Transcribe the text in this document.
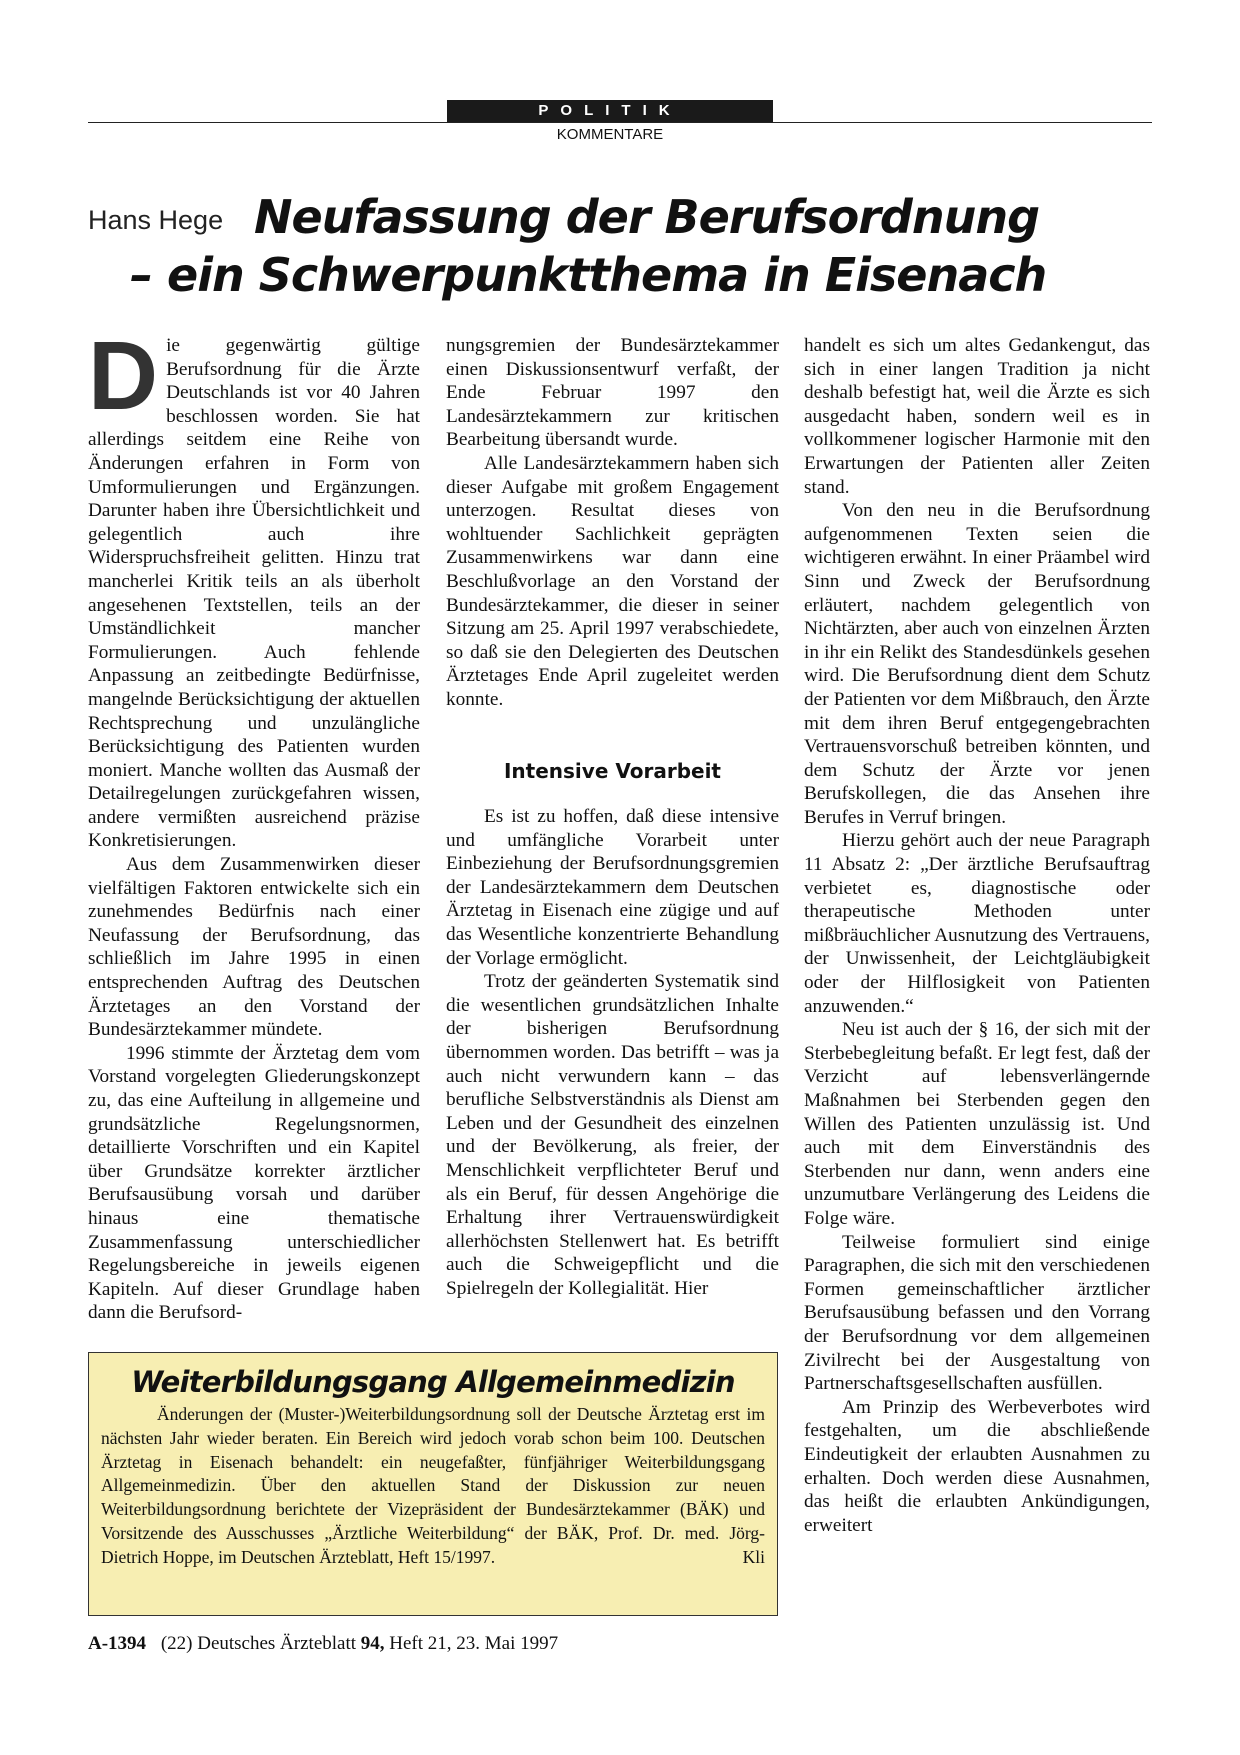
POLITIK
KOMMENTARE
Hans Hege Neufassung der Berufsordnung
– ein Schwerpunktthema in Eisenach
D ie gegenwärtig gültige Berufsordnung für die Ärzte Deutschlands ist vor 40 Jahren beschlossen worden. Sie hat allerdings seitdem eine Reihe von Änderungen erfahren in Form von Umformulierungen und Ergänzungen. Darunter haben ihre Übersichtlichkeit und gelegentlich auch ihre Widerspruchsfreiheit gelitten. Hinzu trat mancherlei Kritik teils an als überholt angesehenen Textstellen, teils an der Umständlichkeit mancher Formulierungen. Auch fehlende Anpassung an zeitbedingte Bedürfnisse, mangelnde Berücksichtigung der aktuellen Rechtsprechung und unzulängliche Berücksichtigung des Patienten wurden moniert. Manche wollten das Ausmaß der Detailregelungen zurückgefahren wissen, andere vermißten ausreichend präzise Konkretisierungen.

Aus dem Zusammenwirken dieser vielfältigen Faktoren entwickelte sich ein zunehmendes Bedürfnis nach einer Neufassung der Berufsordnung, das schließlich im Jahre 1995 in einen entsprechenden Auftrag des Deutschen Ärztetages an den Vorstand der Bundesärztekammer mündete.

1996 stimmte der Ärztetag dem vom Vorstand vorgelegten Gliederungskonzept zu, das eine Aufteilung in allgemeine und grundsätzliche Regelungsnormen, detaillierte Vorschriften und ein Kapitel über Grundsätze korrekter ärztlicher Berufsausübung vorsah und darüber hinaus eine thematische Zusammenfassung unterschiedlicher Regelungsbereiche in jeweils eigenen Kapiteln. Auf dieser Grundlage haben dann die Berufsord-

nungsgremien der Bundesärztekammer einen Diskussionsentwurf verfaßt, der Ende Februar 1997 den Landesärztekammern zur kritischen Bearbeitung übersandt wurde.

Alle Landesärztekammern haben sich dieser Aufgabe mit großem Engagement unterzogen. Resultat dieses von wohltuender Sachlichkeit geprägten Zusammenwirkens war dann eine Beschlußvorlage an den Vorstand der Bundesärztekammer, die dieser in seiner Sitzung am 25. April 1997 verabschiedete, so daß sie den Delegierten des Deutschen Ärztetages Ende April zugeleitet werden konnte.

Intensive Vorarbeit

Es ist zu hoffen, daß diese intensive und umfängliche Vorarbeit unter Einbeziehung der Berufsordnungsgremien der Landesärztekammern dem Deutschen Ärztetag in Eisenach eine zügige und auf das Wesentliche konzentrierte Behandlung der Vorlage ermöglicht.

Trotz der geänderten Systematik sind die wesentlichen grundsätzlichen Inhalte der bisherigen Berufsordnung übernommen worden. Das betrifft – was ja auch nicht verwundern kann – das berufliche Selbstverständnis als Dienst am Leben und der Gesundheit des einzelnen und der Bevölkerung, als freier, der Menschlichkeit verpflichteter Beruf und als ein Beruf, für dessen Angehörige die Erhaltung ihrer Vertrauenswürdigkeit allerhöchsten Stellenwert hat. Es betrifft auch die Schweigepflicht und die Spielregeln der Kollegialität. Hier

handelt es sich um altes Gedankengut, das sich in einer langen Tradition ja nicht deshalb befestigt hat, weil die Ärzte es sich ausgedacht haben, sondern weil es in vollkommener logischer Harmonie mit den Erwartungen der Patienten aller Zeiten stand.

Von den neu in die Berufsordnung aufgenommenen Texten seien die wichtigeren erwähnt. In einer Präambel wird Sinn und Zweck der Berufsordnung erläutert, nachdem gelegentlich von Nichtärzten, aber auch von einzelnen Ärzten in ihr ein Relikt des Standesdünkels gesehen wird. Die Berufsordnung dient dem Schutz der Patienten vor dem Mißbrauch, den Ärzte mit dem ihren Beruf entgegengebrachten Vertrauensvorschuß betreiben könnten, und dem Schutz der Ärzte vor jenen Berufskollegen, die das Ansehen ihre Berufes in Verruf bringen.

Hierzu gehört auch der neue Paragraph 11 Absatz 2: „Der ärztliche Berufsauftrag verbietet es, diagnostische oder therapeutische Methoden unter mißbräuchlicher Ausnutzung des Vertrauens, der Unwissenheit, der Leichtgläubigkeit oder der Hilflosigkeit von Patienten anzuwenden.“

Neu ist auch der § 16, der sich mit der Sterbebegleitung befaßt. Er legt fest, daß der Verzicht auf lebensverlängernde Maßnahmen bei Sterbenden gegen den Willen des Patienten unzulässig ist. Und auch mit dem Einverständnis des Sterbenden nur dann, wenn anders eine unzumutbare Verlängerung des Leidens die Folge wäre.

Teilweise formuliert sind einige Paragraphen, die sich mit den verschiedenen Formen gemeinschaftlicher ärztlicher Berufsausübung befassen und den Vorrang der Berufsordnung vor dem allgemeinen Zivilrecht bei der Ausgestaltung von Partnerschaftsgesellschaften ausfüllen.

Am Prinzip des Werbeverbotes wird festgehalten, um die abschließende Eindeutigkeit der erlaubten Ausnahmen zu erhalten. Doch werden diese Ausnahmen, das heißt die erlaubten Ankündigungen, erweitert

Weiterbildungsgang Allgemeinmedizin

Änderungen der (Muster-)Weiterbildungsordnung soll der Deutsche Ärztetag erst im nächsten Jahr wieder beraten. Ein Bereich wird jedoch vorab schon beim 100. Deutschen Ärztetag in Eisenach behandelt: ein neugefaßter, fünfjähriger Weiterbildungsgang Allgemeinmedizin. Über den aktuellen Stand der Diskussion zur neuen Weiterbildungsordnung berichtete der Vizepräsident der Bundesärztekammer (BÄK) und Vorsitzende des Ausschusses „Ärztliche Weiterbildung“ der BÄK, Prof. Dr. med. Jörg-Dietrich Hoppe, im Deutschen Ärzteblatt, Heft 15/1997.	Kli

A-1394 (22) Deutsches Ärzteblatt 94, Heft 21, 23. Mai 1997
